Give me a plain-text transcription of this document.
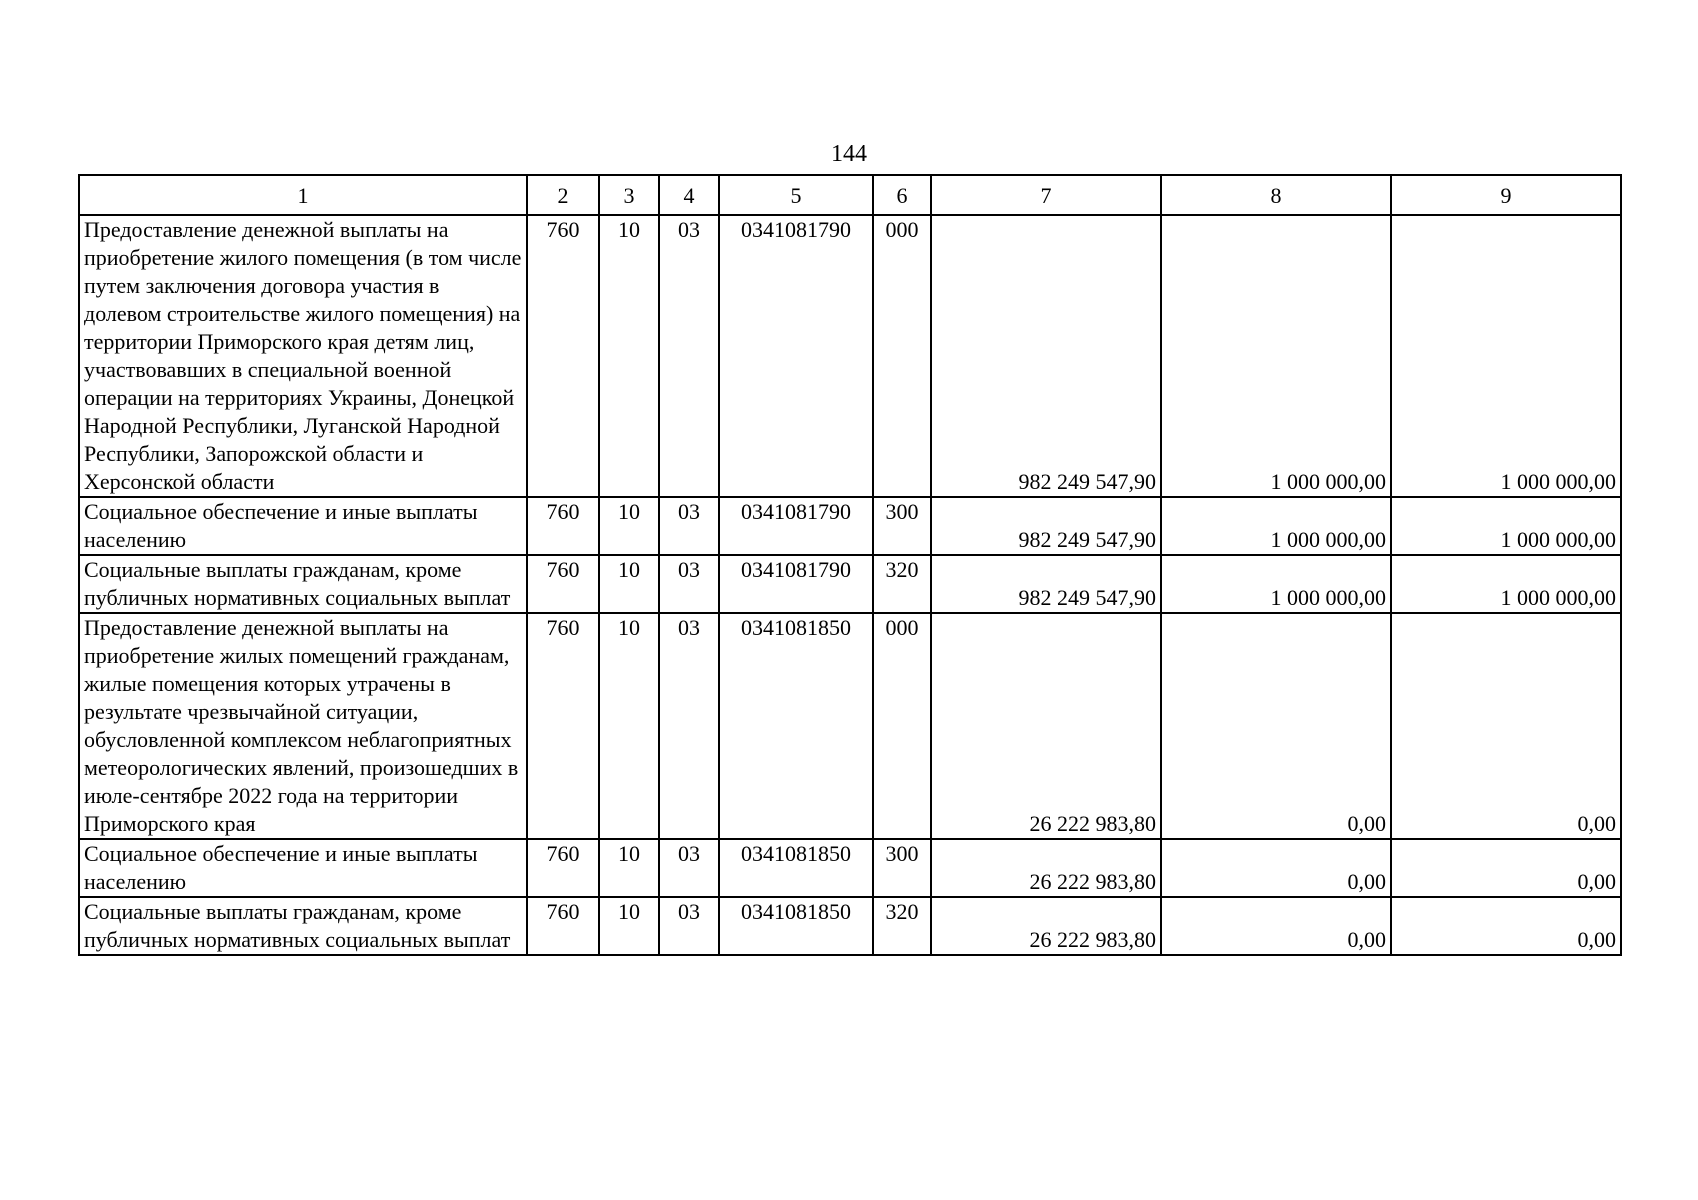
144
1	2	3	4	5	6	7	8	9
Предоставление денежной выплаты на приобретение жилого помещения (в том числе путем заключения договора участия в долевом строительстве жилого помещения) на территории Приморского края детям лиц, участвовавших в специальной военной операции на территориях Украины, Донецкой Народной Республики, Луганской Народной Республики, Запорожской области и Херсонской области	760	10	03	0341081790	000	982 249 547,90	1 000 000,00	1 000 000,00
Социальное обеспечение и иные выплаты населению	760	10	03	0341081790	300	982 249 547,90	1 000 000,00	1 000 000,00
Социальные выплаты гражданам, кроме публичных нормативных социальных выплат	760	10	03	0341081790	320	982 249 547,90	1 000 000,00	1 000 000,00
Предоставление денежной выплаты на приобретение жилых помещений гражданам, жилые помещения которых утрачены в результате чрезвычайной ситуации, обусловленной комплексом неблагоприятных метеорологических явлений, произошедших в июле-сентябре 2022 года на территории Приморского края	760	10	03	0341081850	000	26 222 983,80	0,00	0,00
Социальное обеспечение и иные выплаты населению	760	10	03	0341081850	300	26 222 983,80	0,00	0,00
Социальные выплаты гражданам, кроме публичных нормативных социальных выплат	760	10	03	0341081850	320	26 222 983,80	0,00	0,00
